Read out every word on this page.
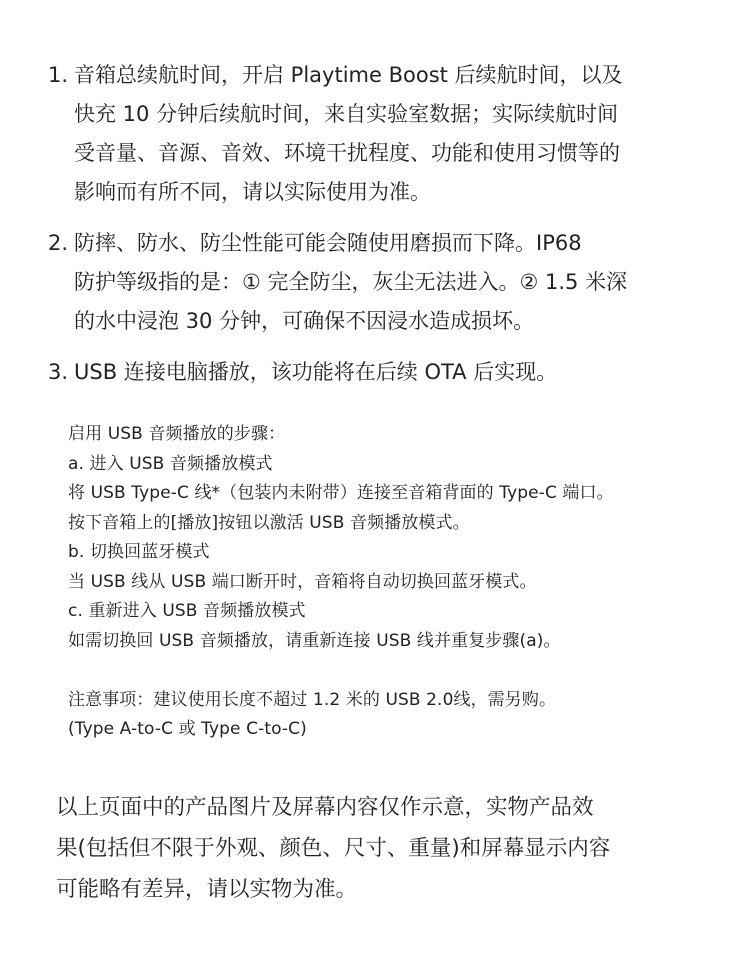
1. 音箱总续航时间，开启 Playtime Boost 后续航时间，以及
快充 10 分钟后续航时间，来自实验室数据；实际续航时间
受音量、音源、音效、环境干扰程度、功能和使用习惯等的
影响而有所不同，请以实际使用为准。
2. 防摔、防水、防尘性能可能会随使用磨损而下降。IP68
防护等级指的是：① 完全防尘，灰尘无法进入。② 1.5 米深
的水中浸泡 30 分钟，可确保不因浸水造成损坏。
3. USB 连接电脑播放，该功能将在后续 OTA 后实现。
启用 USB 音频播放的步骤：
a. 进入 USB 音频播放模式
将 USB Type-C 线*（包装内未附带）连接至音箱背面的 Type-C 端口。
按下音箱上的[播放]按钮以激活 USB 音频播放模式。
b. 切换回蓝牙模式
当 USB 线从 USB 端口断开时，音箱将自动切换回蓝牙模式。
c. 重新进入 USB 音频播放模式
如需切换回 USB 音频播放，请重新连接 USB 线并重复步骤(a)。
注意事项：建议使用长度不超过 1.2 米的 USB 2.0线，需另购。
(Type A-to-C 或 Type C-to-C)
以上页面中的产品图片及屏幕内容仅作示意，实物产品效
果(包括但不限于外观、颜色、尺寸、重量)和屏幕显示内容
可能略有差异，请以实物为准。
